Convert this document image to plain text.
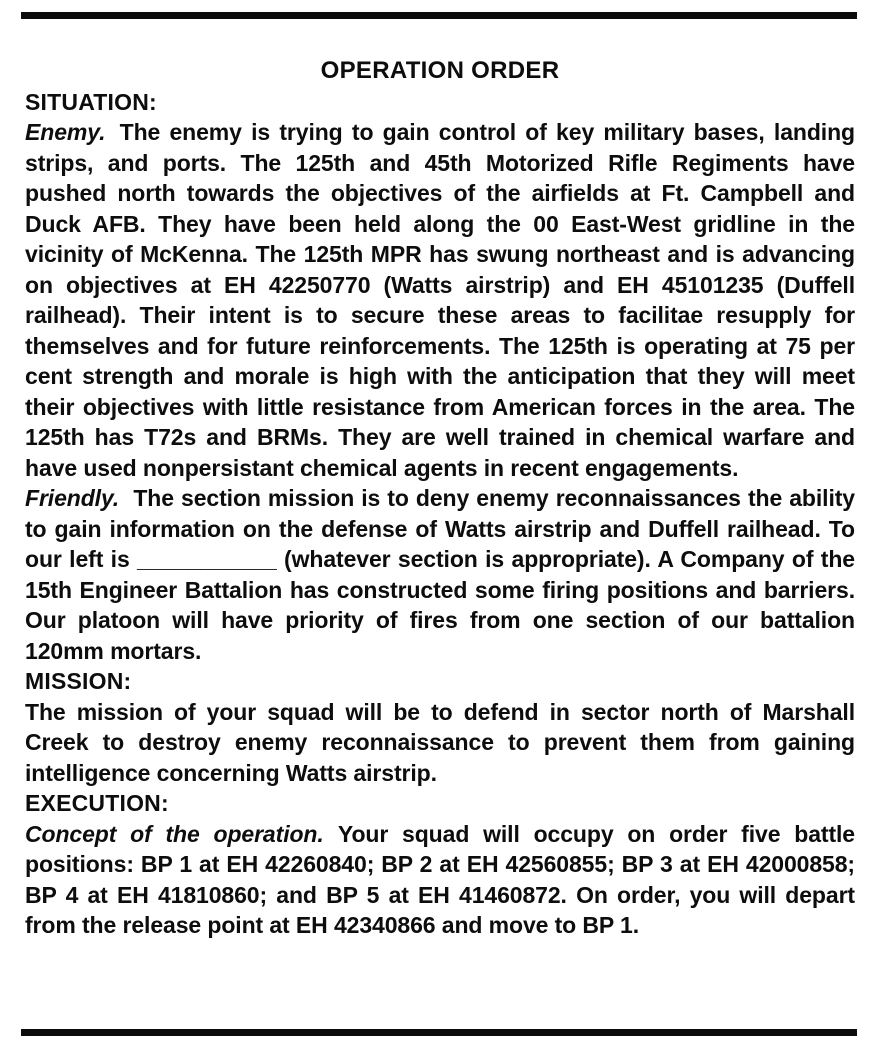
OPERATION ORDER
SITUATION:

Enemy. The enemy is trying to gain control of key military bases, landing strips, and ports. The 125th and 45th Motorized Rifle Regiments have pushed north towards the objectives of the airfields at Ft. Campbell and Duck AFB. They have been held along the 00 East-West gridline in the vicinity of McKenna. The 125th MPR has swung northeast and is advancing on objectives at EH 42250770 (Watts airstrip) and EH 45101235 (Duffell railhead). Their intent is to secure these areas to facilitae resupply for themselves and for future reinforcements. The 125th is operating at 75 per cent strength and morale is high with the anticipation that they will meet their objectives with little resistance from American forces in the area. The 125th has T72s and BRMs. They are well trained in chemical warfare and have used nonpersistant chemical agents in recent engagements.

Friendly. The section mission is to deny enemy reconnaissances the ability to gain information on the defense of Watts airstrip and Duffell railhead. To our left is ___________ (whatever section is appropriate). A Company of the 15th Engineer Battalion has constructed some firing positions and barriers. Our platoon will have priority of fires from one section of our battalion 120mm mortars.

MISSION:

The mission of your squad will be to defend in sector north of Marshall Creek to destroy enemy reconnaissance to prevent them from gaining intelligence concerning Watts airstrip.

EXECUTION:

Concept of the operation. Your squad will occupy on order five battle positions: BP 1 at EH 42260840; BP 2 at EH 42560855; BP 3 at EH 42000858; BP 4 at EH 41810860; and BP 5 at EH 41460872. On order, you will depart from the release point at EH 42340866 and move to BP 1.
